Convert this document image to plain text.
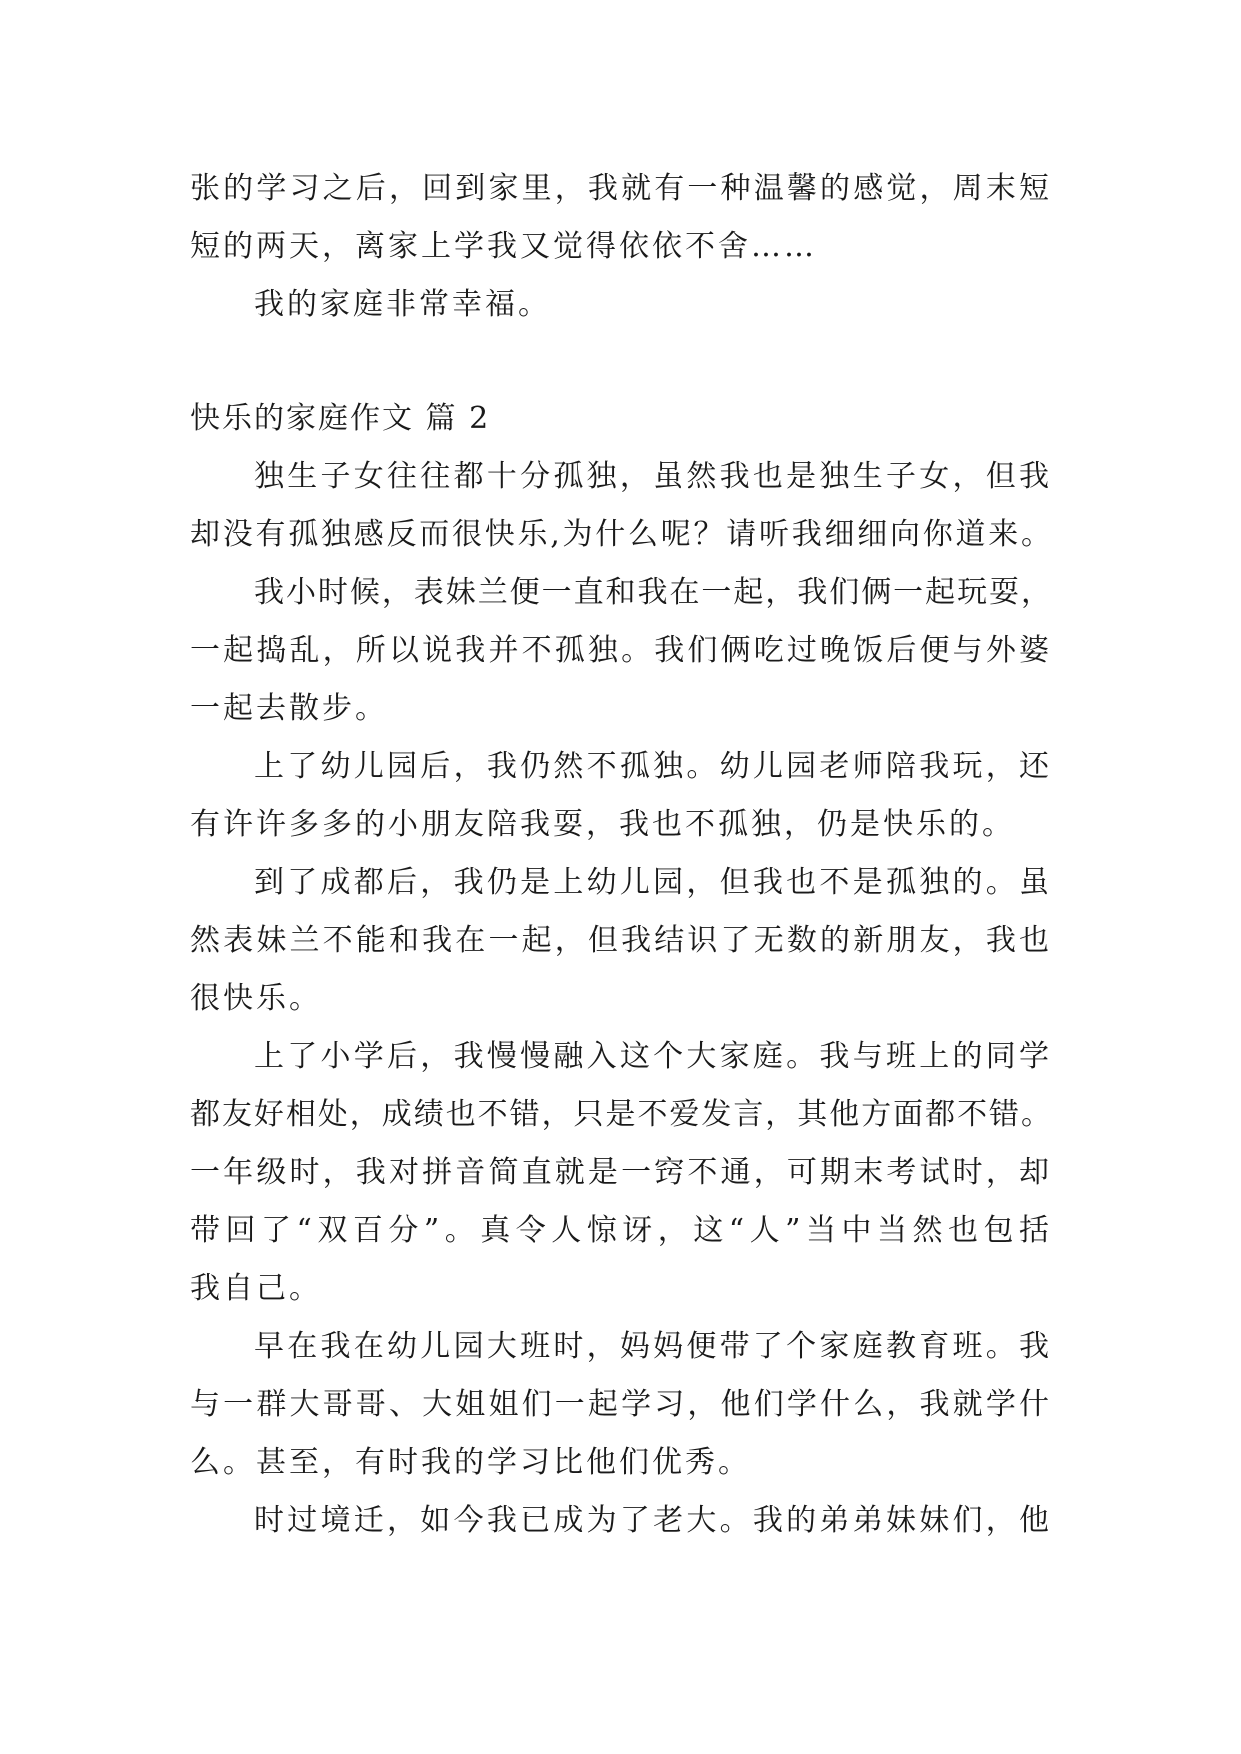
张的学习之后，回到家里，我就有一种温馨的感觉，周末短
短的两天，离家上学我又觉得依依不舍……
我的家庭非常幸福。
快乐的家庭作文 篇 2
独生子女往往都十分孤独，虽然我也是独生子女，但我
却没有孤独感反而很快乐,为什么呢？请听我细细向你道来。
我小时候，表妹兰便一直和我在一起，我们俩一起玩耍，
一起捣乱，所以说我并不孤独。我们俩吃过晚饭后便与外婆
一起去散步。
上了幼儿园后，我仍然不孤独。幼儿园老师陪我玩，还
有许许多多的小朋友陪我耍，我也不孤独，仍是快乐的。
到了成都后，我仍是上幼儿园，但我也不是孤独的。虽
然表妹兰不能和我在一起，但我结识了无数的新朋友，我也
很快乐。
上了小学后，我慢慢融入这个大家庭。我与班上的同学
都友好相处，成绩也不错，只是不爱发言，其他方面都不错。
一年级时，我对拼音简直就是一窍不通，可期末考试时，却
带回了“双百分”。真令人惊讶，这“人”当中当然也包括
我自己。
早在我在幼儿园大班时，妈妈便带了个家庭教育班。我
与一群大哥哥、大姐姐们一起学习，他们学什么，我就学什
么。甚至，有时我的学习比他们优秀。
时过境迁，如今我已成为了老大。我的弟弟妹妹们，他
